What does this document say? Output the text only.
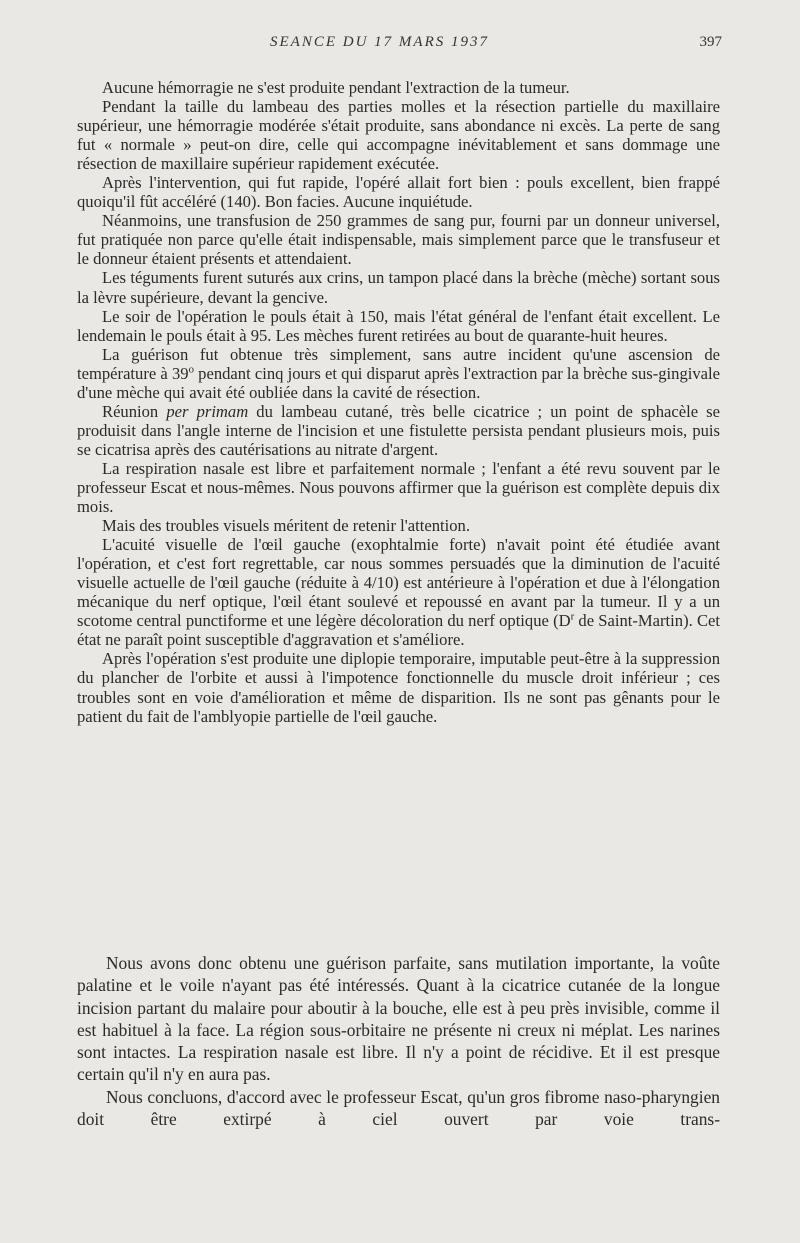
SEANCE DU 17 MARS 1937	397

Aucune hémorragie ne s'est produite pendant l'extraction de la tumeur.

Pendant la taille du lambeau des parties molles et la résection partielle du maxillaire supérieur, une hémorragie modérée s'était produite, sans abondance ni excès. La perte de sang fut « normale » peut-on dire, celle qui accompagne inévitablement et sans dommage une résection de maxillaire supérieur rapidement exécutée.

Après l'intervention, qui fut rapide, l'opéré allait fort bien : pouls excellent, bien frappé quoiqu'il fût accéléré (140). Bon facies. Aucune inquiétude.

Néanmoins, une transfusion de 250 grammes de sang pur, fourni par un donneur universel, fut pratiquée non parce qu'elle était indispensable, mais simplement parce que le transfuseur et le donneur étaient présents et attendaient.

Les téguments furent suturés aux crins, un tampon placé dans la brèche (mèche) sortant sous la lèvre supérieure, devant la gencive.

Le soir de l'opération le pouls était à 150, mais l'état général de l'enfant était excellent. Le lendemain le pouls était à 95. Les mèches furent retirées au bout de quarante-huit heures.

La guérison fut obtenue très simplement, sans autre incident qu'une ascension de température à 39$^o$ pendant cinq jours et qui disparut après l'extraction par la brèche sus-gingivale d'une mèche qui avait été oubliée dans la cavité de résection.

Réunion per primam du lambeau cutané, très belle cicatrice ; un point de sphacèle se produisit dans l'angle interne de l'incision et une fistulette persista pendant plusieurs mois, puis se cicatrisa après des cautérisations au nitrate d'argent.

La respiration nasale est libre et parfaitement normale ; l'enfant a été revu souvent par le professeur Escat et nous-mêmes. Nous pouvons affirmer que la guérison est complète depuis dix mois.

Mais des troubles visuels méritent de retenir l'attention.

L'acuité visuelle de l'œil gauche (exophtalmie forte) n'avait point été étudiée avant l'opération, et c'est fort regrettable, car nous sommes persuadés que la diminution de l'acuité visuelle actuelle de l'œil gauche (réduite à 4/10) est antérieure à l'opération et due à l'élongation mécanique du nerf optique, l'œil étant soulevé et repoussé en avant par la tumeur. Il y a un scotome central punctiforme et une légère décoloration du nerf optique ($D^r$ de Saint-Martin). Cet état ne paraît point susceptible d'aggravation et s'améliore.

Après l'opération s'est produite une diplopie temporaire, imputable peut-être à la suppression du plancher de l'orbite et aussi à l'impotence fonctionnelle du muscle droit inférieur ; ces troubles sont en voie d'amélioration et même de disparition. Ils ne sont pas gênants pour le patient du fait de l'amblyopie partielle de l'œil gauche.

Nous avons donc obtenu une guérison parfaite, sans mutilation importante, la voûte palatine et le voile n'ayant pas été intéressés. Quant à la cicatrice cutanée de la longue incision partant du malaire pour aboutir à la bouche, elle est à peu près invisible, comme il est habituel à la face. La région sous-orbitaire ne présente ni creux ni méplat. Les narines sont intactes. La respiration nasale est libre. Il n'y a point de récidive. Et il est presque certain qu'il n'y en aura pas.

Nous concluons, d'accord avec le professeur Escat, qu'un gros fibrome naso-pharyngien doit être extirpé à ciel ouvert par voie trans-
